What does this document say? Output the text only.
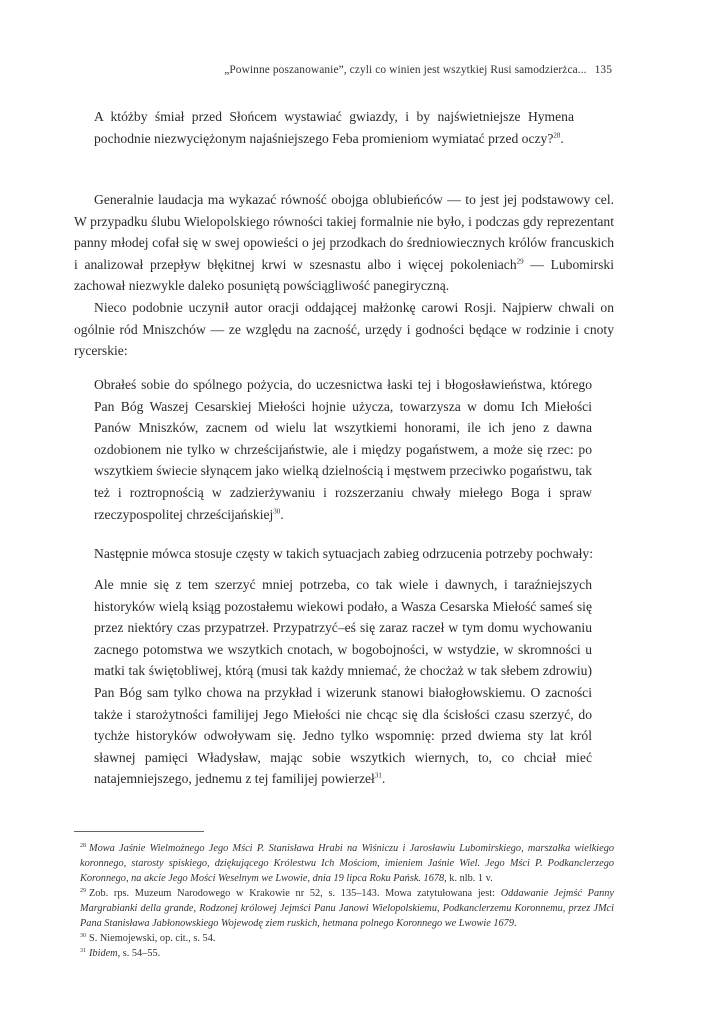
„Powinne poszanowanie”, czyli co winien jest wszytkiej Rusi samodzierżca... 135

A któżby śmiał przed Słońcem wystawiać gwiazdy, i by najświetniejsze Hymena pochodnie niezwyciężonym najaśniejszego Feba promieniom wymiatać przed oczy?$^{28}$.

Generalnie laudacja ma wykazać równość obojga oblubieńców — to jest jej podstawowy cel. W przypadku ślubu Wielopolskiego równości takiej formalnie nie było, i podczas gdy reprezentant panny młodej cofał się w swej opowieści o jej przodkach do średniowiecznych królów francuskich i analizował przepływ błękitnej krwi w szesnastu albo i więcej pokoleniach$^{29}$ — Lubomirski zachował niezwykle daleko posuniętą powściągliwość panegiryczną.

Nieco podobnie uczynił autor oracji oddającej małżonkę carowi Rosji. Najpierw chwali on ogólnie ród Mniszchów — ze względu na zacność, urzędy i godności będące w rodzinie i cnoty rycerskie:

Obrałeś sobie do spólnego pożycia, do uczesnictwa łaski tej i błogosławieństwa, którego Pan Bóg Waszej Cesarskiej Miełości hojnie użycza, towarzysza w domu Ich Miełości Panów Mniszków, zacnem od wielu lat wszytkiemi honorami, ile ich jeno z dawna ozdobionem nie tylko w chrześcijaństwie, ale i między pogaństwem, a może się rzec: po wszytkiem świecie słynącem jako wielką dzielnością i męstwem przeciwko pogaństwu, tak też i roztropnością w zadzierżywaniu i rozszerzaniu chwały miełego Boga i spraw rzeczypospolitej chrześcijańskiej$^{30}$.

Następnie mówca stosuje częsty w takich sytuacjach zabieg odrzucenia potrzeby pochwały:

Ale mnie się z tem szerzyć mniej potrzeba, co tak wiele i dawnych, i taraźniejszych historyków wielą ksiąg pozostałemu wiekowi podało, a Wasza Cesarska Miełość sameś się przez niektóry czas przypatrzeł. Przypatrzyć–eś się zaraz raczeł w tym domu wychowaniu zacnego potomstwa we wszytkich cnotach, w bogobojności, w wstydzie, w skromności u matki tak świętobliwej, którą (musi tak każdy mniemać, że chocżaż w tak słebem zdrowiu) Pan Bóg sam tylko chowa na przykład i wizerunk stanowi białogłowskiemu. O zacności także i starożytności familijej Jego Miełości nie chcąc się dla ścisłości czasu szerzyć, do tychże historyków odwoływam się. Jedno tylko wspomnię: przed dwiema sty lat król sławnej pamięci Władysław, mając sobie wszytkich wiernych, to, co chciał mieć natajemniejszego, jednemu z tej familijej powierzeł$^{31}$.

$^{28}$ Mowa Jaśnie Wielmożnego Jego Mści P. Stanisława Hrabi na Wiśniczu i Jarosławiu Lubomirskiego, marszałka wielkiego koronnego, starosty spiskiego, dziękującego Królestwu Ich Mościom, imieniem Jaśnie Wiel. Jego Mści P. Podkanclerzego Koronnego, na akcie Jego Mości Weselnym we Lwowie, dnia 19 lipca Roku Pańsk. 1678, k. nlb. 1 v.

$^{29}$ Zob. rps. Muzeum Narodowego w Krakowie nr 52, s. 135–143. Mowa zatytułowana jest: Oddawanie Jejmść Panny Margrabianki della grande, Rodzonej królowej Jejmści Panu Janowi Wielopolskiemu, Podkanclerzemu Koronnemu, przez JMci Pana Stanisława Jabłonowskiego Wojewodę ziem ruskich, hetmana polnego Koronnego we Lwowie 1679.

$^{30}$ S. Niemojewski, op. cit., s. 54.

$^{31}$ Ibidem, s. 54–55.
